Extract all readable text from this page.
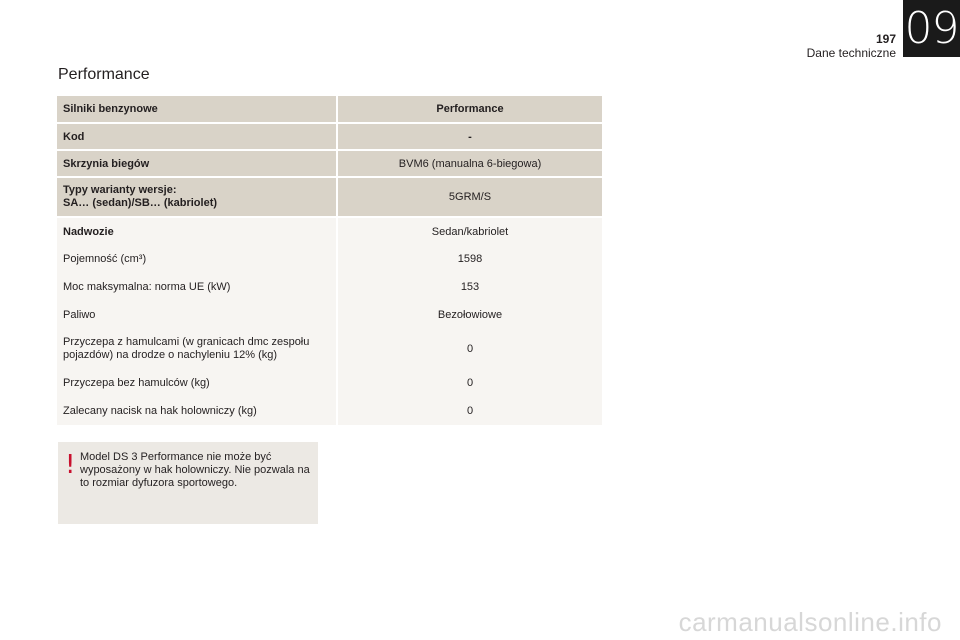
197
Dane techniczne 09
Performance
Silniki benzynowe	Performance
Kod	-
Skrzynia biegów	BVM6 (manualna 6-biegowa)
Typy warianty wersje:
SA… (sedan)/SB… (kabriolet)	5GRM/S
Nadwozie	Sedan/kabriolet
Pojemność (cm³)	1598
Moc maksymalna: norma UE (kW)	153
Paliwo	Bezołowiowe
Przyczepa z hamulcami (w granicach dmc zespołu
pojazdów) na drodze o nachyleniu 12% (kg)	0
Przyczepa bez hamulców (kg)	0
Zalecany nacisk na hak holowniczy (kg)	0
! Model DS 3 Performance nie może być wyposażony w hak holowniczy. Nie pozwala na to rozmiar dyfuzora sportowego.
carmanualsonline.info
